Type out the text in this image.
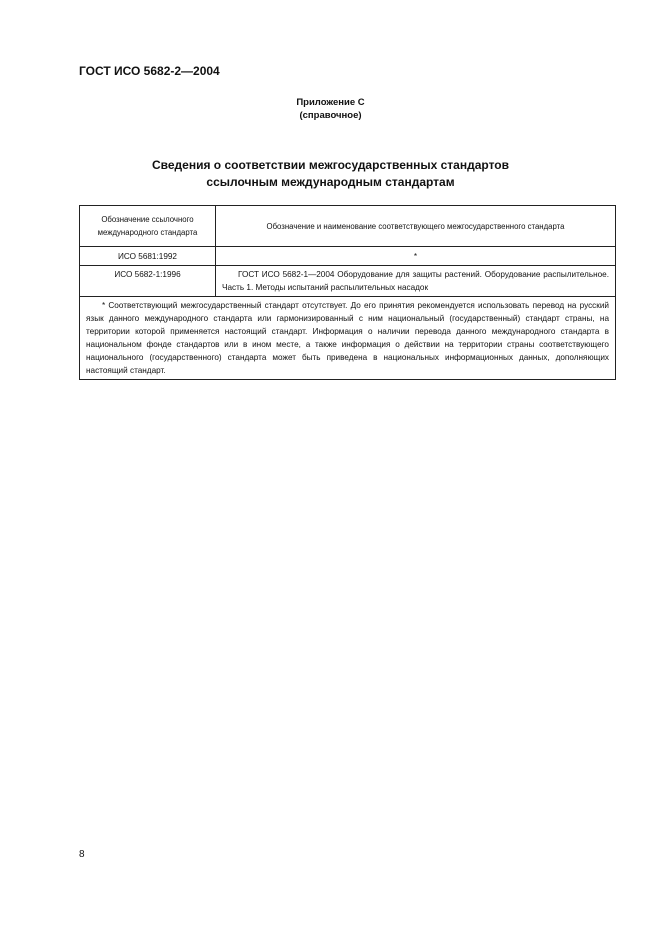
ГОСТ ИСО 5682-2—2004
Приложение С
(справочное)
Сведения о соответствии межгосударственных стандартов
ссылочным международным стандартам
Обозначение ссылочного международного стандарта	Обозначение и наименование соответствующего межгосударственного стандарта
ИСО 5681:1992	*
ИСО 5682-1:1996	ГОСТ ИСО 5682-1—2004 Оборудование для защиты растений. Оборудование распылительное. Часть 1. Методы испытаний распылительных насадок
* Соответствующий межгосударственный стандарт отсутствует. До его принятия рекомендуется использовать перевод на русский язык данного международного стандарта или гармонизированный с ним национальный (государственный) стандарт страны, на территории которой применяется настоящий стандарт. Информация о наличии перевода данного международного стандарта в национальном фонде стандартов или в ином месте, а также информация о действии на территории страны соответствующего национального (государственного) стандарта может быть приведена в национальных информационных данных, дополняющих настоящий стандарт.	
8
